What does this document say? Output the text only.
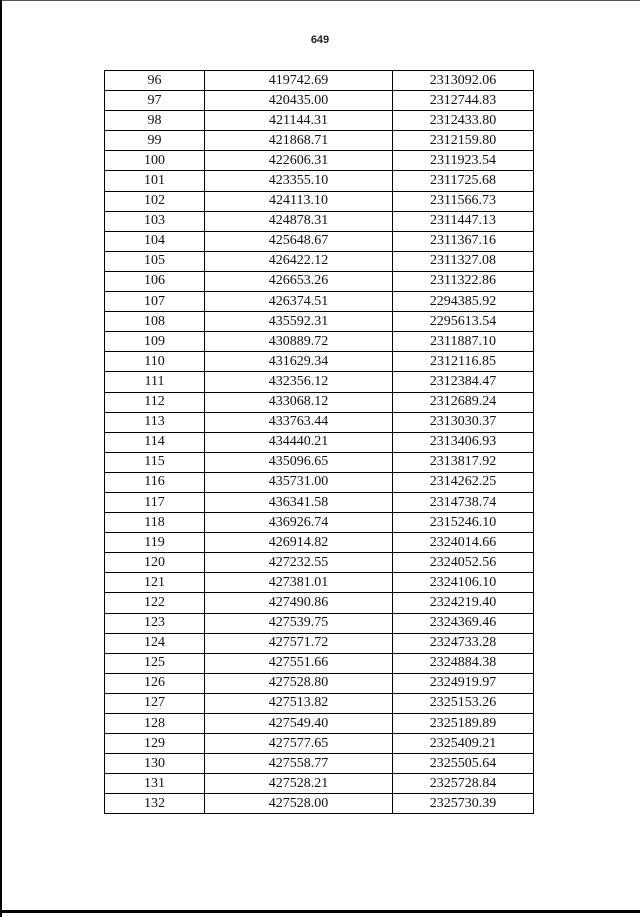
649
96	419742.69	2313092.06
97	420435.00	2312744.83
98	421144.31	2312433.80
99	421868.71	2312159.80
100	422606.31	2311923.54
101	423355.10	2311725.68
102	424113.10	2311566.73
103	424878.31	2311447.13
104	425648.67	2311367.16
105	426422.12	2311327.08
106	426653.26	2311322.86
107	426374.51	2294385.92
108	435592.31	2295613.54
109	430889.72	2311887.10
110	431629.34	2312116.85
111	432356.12	2312384.47
112	433068.12	2312689.24
113	433763.44	2313030.37
114	434440.21	2313406.93
115	435096.65	2313817.92
116	435731.00	2314262.25
117	436341.58	2314738.74
118	436926.74	2315246.10
119	426914.82	2324014.66
120	427232.55	2324052.56
121	427381.01	2324106.10
122	427490.86	2324219.40
123	427539.75	2324369.46
124	427571.72	2324733.28
125	427551.66	2324884.38
126	427528.80	2324919.97
127	427513.82	2325153.26
128	427549.40	2325189.89
129	427577.65	2325409.21
130	427558.77	2325505.64
131	427528.21	2325728.84
132	427528.00	2325730.39
